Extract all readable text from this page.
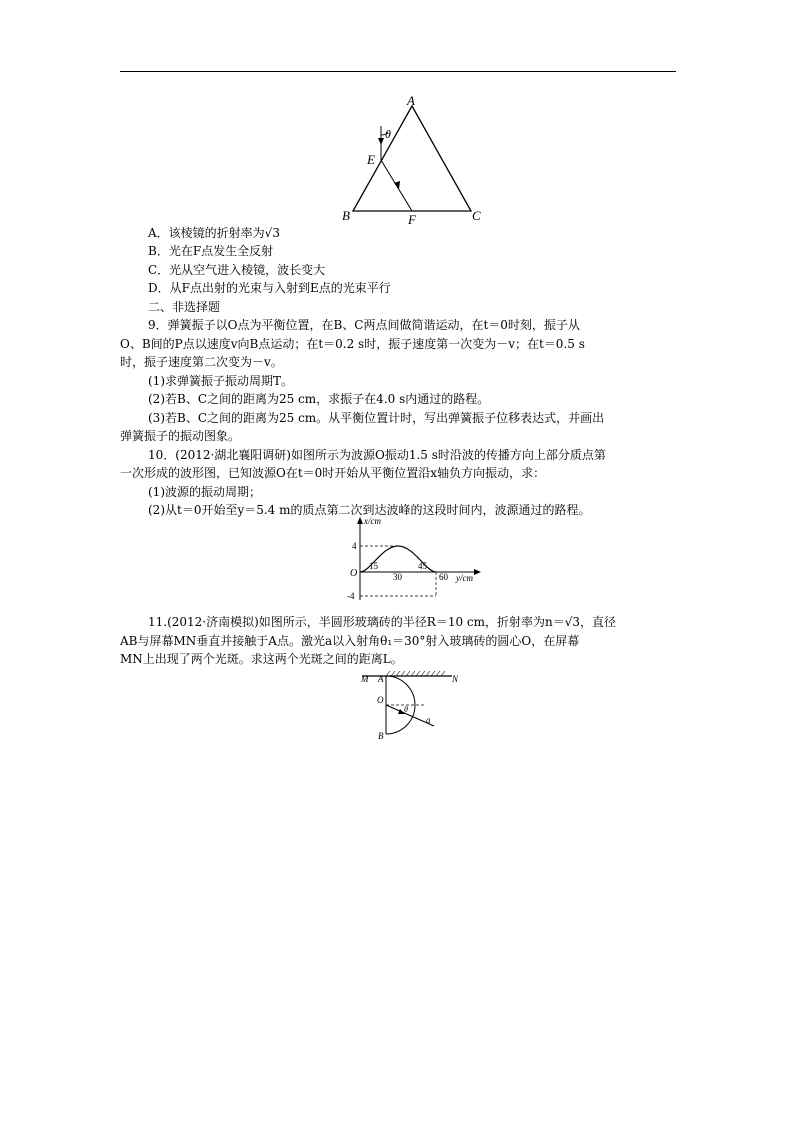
A
B	C
E
F
θ
A．该棱镜的折射率为√3
B．光在F点发生全反射
C．光从空气进入棱镜，波长变大
D．从F点出射的光束与入射到E点的光束平行
二、非选择题
9．弹簧振子以O点为平衡位置，在B、C两点间做简谐运动，在t＝0时刻，振子从
O、B间的P点以速度v向B点运动；在t＝0.2 s时，振子速度第一次变为－v；在t＝0.5 s
时，振子速度第二次变为－v。
(1)求弹簧振子振动周期T。
(2)若B、C之间的距离为25 cm，求振子在4.0 s内通过的路程。
(3)若B、C之间的距离为25 cm。从平衡位置计时，写出弹簧振子位移表达式，并画出
弹簧振子的振动图象。
10．(2012·湖北襄阳调研)如图所示为波源O振动1.5 s时沿波的传播方向上部分质点第
一次形成的波形图，已知波源O在t＝0时开始从平衡位置沿x轴负方向振动，求：
(1)波源的振动周期；
(2)从t＝0开始至y＝5.4 m的质点第二次到达波峰的这段时间内，波源通过的路程。
x/cm
y/cm
O
4
-4
15
30
45
60
11.(2012·济南模拟)如图所示，半圆形玻璃砖的半径R＝10 cm，折射率为n＝√3，直径
AB与屏幕MN垂直并接触于A点。激光a以入射角θ₁＝30°射入玻璃砖的圆心O，在屏幕
MN上出现了两个光斑。求这两个光斑之间的距离L。
M A	N
O
B
a
θ
